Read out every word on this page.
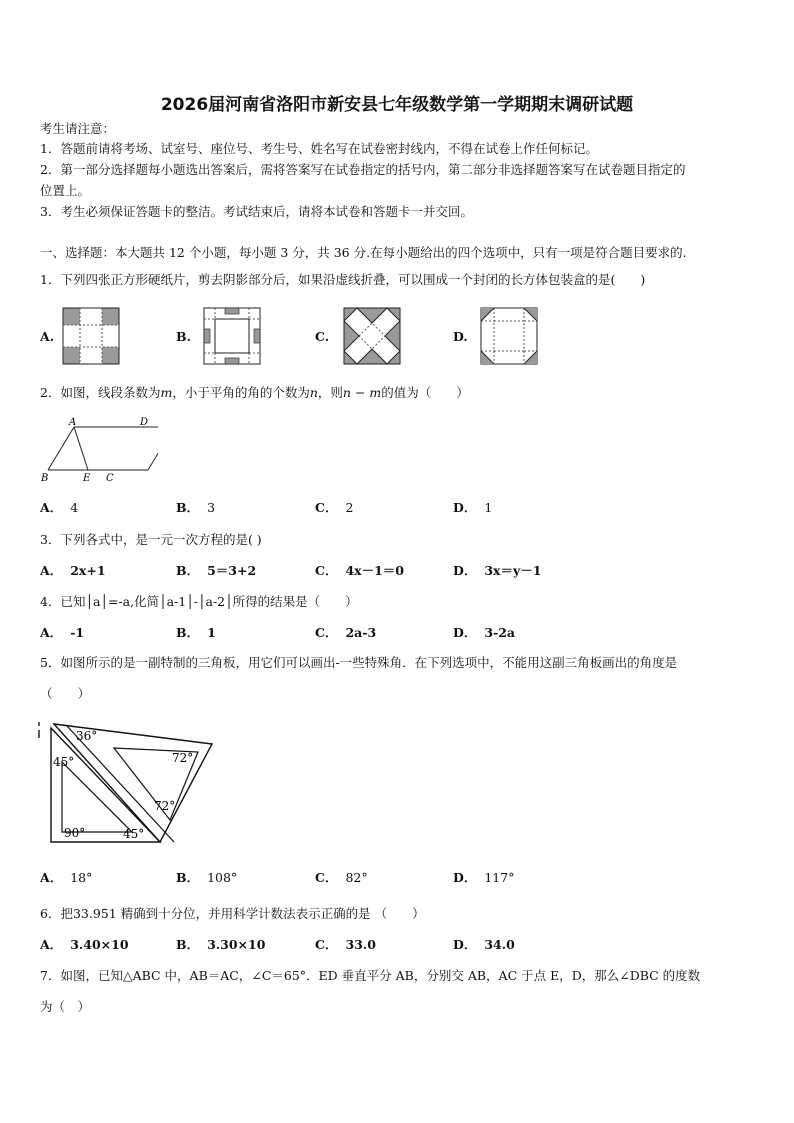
2026届河南省洛阳市新安县七年级数学第一学期期末调研试题
考生请注意：
1．答题前请将考场、试室号、座位号、考生号、姓名写在试卷密封线内，不得在试卷上作任何标记。
2．第一部分选择题每小题选出答案后，需将答案写在试卷指定的括号内，第二部分非选择题答案写在试卷题目指定的
位置上。
3．考生必须保证答题卡的整洁。考试结束后，请将本试卷和答题卡一并交回。
一、选择题：本大题共 12 个小题，每小题 3 分，共 36 分.在每小题给出的四个选项中，只有一项是符合题目要求的.
1．下列四张正方形硬纸片，剪去阴影部分后，如果沿虚线折叠，可以围成一个封闭的长方体包装盒的是(　　)
A.	B.	C.	D.
2．如图，线段条数为m，小于平角的角的个数为n，则n − m的值为（　　）
A	D
B	E C
A． 4	B． 3	C． 2	D． 1
3．下列各式中，是一元一次方程的是( )
A． 2x+1	B． 5＝3+2	C． 4x－1＝0	D． 3x＝y－1
4．已知│a│=-a,化简│a-1│-│a-2│所得的结果是（　　）
A． -1	B． 1	C． 2a-3	D． 3-2a
5．如图所示的是一副特制的三角板，用它们可以画出-一些特殊角．在下列选项中，不能用这副三角板画出的角度是
（　　）
36°
72°
45°
72°
90°	45°
A． 18°	B． 108°	C． 82°	D． 117°
6．把33.951 精确到十分位，并用科学计数法表示正确的是 （　　）
A． 3.40×10	B． 3.30×10	C． 33.0	D． 34.0
7．如图，已知△ABC 中，AB＝AC，∠C＝65°．ED 垂直平分 AB，分别交 AB，AC 于点 E，D，那么∠DBC 的度数
为（　）
